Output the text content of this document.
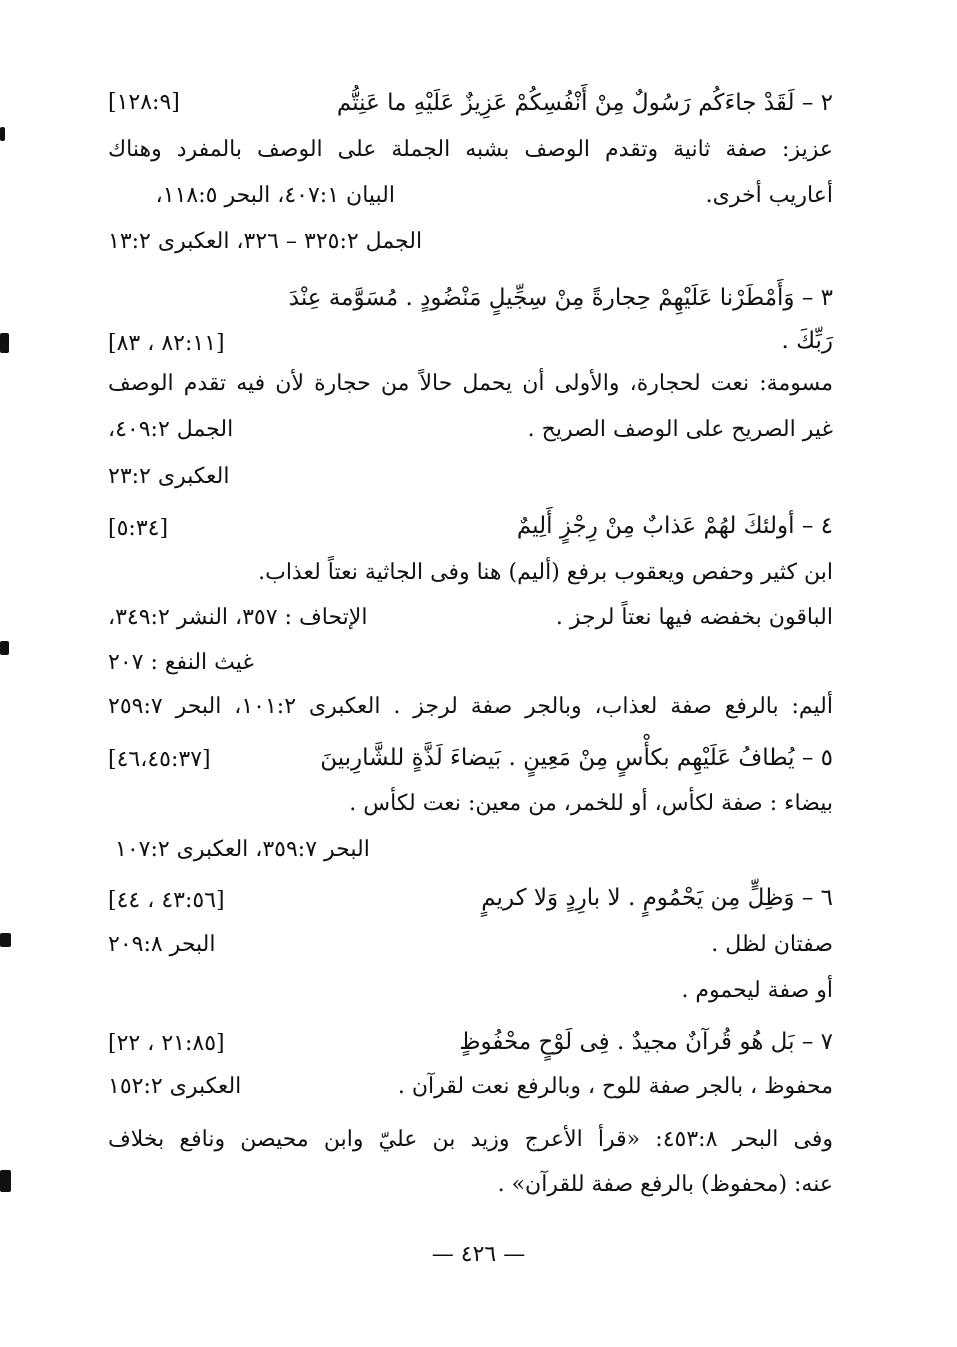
٢ – لَقَدْ جاءَكُم رَسُولٌ مِنْ أَنْفُسِكُمْ عَزِيزٌ عَلَيْهِ ما عَنِتُّم

[١٢٨:٩]

عزيز: صفة ثانية وتقدم الوصف بشبه الجملة على الوصف بالمفرد وهناك

أعاريب أخرى.

البيان ٤٠٧:١، البحر ١١٨:٥،

الجمل ٣٢٥:٢ – ٣٢٦، العكبرى ١٣:٢

٣ – وَأَمْطَرْنا عَلَيْهِمْ حِجارةً مِنْ سِجِّيلٍ مَنْضُودٍ . مُسَوَّمة عِنْدَ

رَبِّكَ .

[٨٢:١١ ، ٨٣]

مسومة: نعت لحجارة، والأولى أن يحمل حالاً من حجارة لأن فيه تقدم الوصف

غير الصريح على الوصف الصريح .

الجمل ٤٠٩:٢،

العكبرى ٢٣:٢

٤ – أولئكَ لهُمْ عَذابٌ مِنْ رِجْزٍ أَلِيمٌ

[٥:٣٤]

ابن كثير وحفص ويعقوب برفع (أليم) هنا وفى الجاثية نعتاً لعذاب.

الباقون بخفضه فيها نعتاً لرجز .

الإتحاف : ٣٥٧، النشر ٣٤٩:٢،

غيث النفع : ٢٠٧

أليم: بالرفع صفة لعذاب، وبالجر صفة لرجز . العكبرى ١٠١:٢، البحر ٢٥٩:٧

٥ – يُطافُ عَلَيْهِم بكأْسٍ مِنْ مَعِينٍ . بَيضاءَ لَذَّةٍ للشَّارِبينَ

[٤٦،٤٥:٣٧]

بيضاء : صفة لكأس، أو للخمر، من معين: نعت لكأس .

البحر ٣٥٩:٧، العكبرى ١٠٧:٢

٦ – وَظِلٍّ مِن يَحْمُومٍ . لا بارِدٍ وَلا كريمٍ

[٤٣:٥٦ ، ٤٤]

صفتان لظل .

البحر ٢٠٩:٨

أو صفة ليحموم .

٧ – بَل هُو قُرآنٌ مجيدٌ . فِى لَوْحٍ محْفُوظٍ

[٢١:٨٥ ، ٢٢]

محفوظ ، بالجر صفة للوح ، وبالرفع نعت لقرآن .

العكبرى ١٥٢:٢

وفى البحر ٤٥٣:٨: «قرأ الأعرج وزيد بن عليّ وابن محيصن ونافع بخلاف

عنه: (محفوظ) بالرفع صفة للقرآن» .

— ٤٢٦ —
